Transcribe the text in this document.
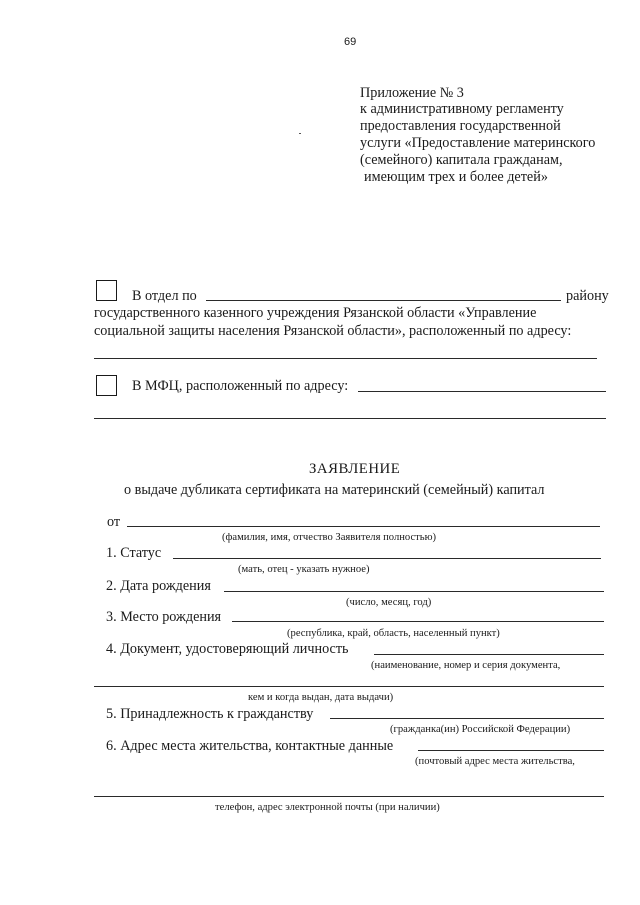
69
Приложение № 3
к административному регламенту
предоставления государственной
услуги «Предоставление материнского
(семейного) капитала гражданам,
имеющим трех и более детей»
В отдел по	району
государственного казенного учреждения Рязанской области «Управление
социальной защиты населения Рязанской области», расположенный по адресу:
В МФЦ, расположенный по адресу:
ЗАЯВЛЕНИЕ
о выдаче дубликата сертификата на материнский (семейный) капитал
от
(фамилия, имя, отчество Заявителя полностью)
1. Статус
(мать, отец - указать нужное)
2. Дата рождения
(число, месяц, год)
3. Место рождения
(республика, край, область, населенный пункт)
4. Документ, удостоверяющий личность
(наименование, номер и серия документа,
кем и когда выдан, дата выдачи)
5. Принадлежность к гражданству
(гражданка(ин) Российской Федерации)
6. Адрес места жительства, контактные данные
(почтовый адрес места жительства,
телефон, адрес электронной почты (при наличии)
